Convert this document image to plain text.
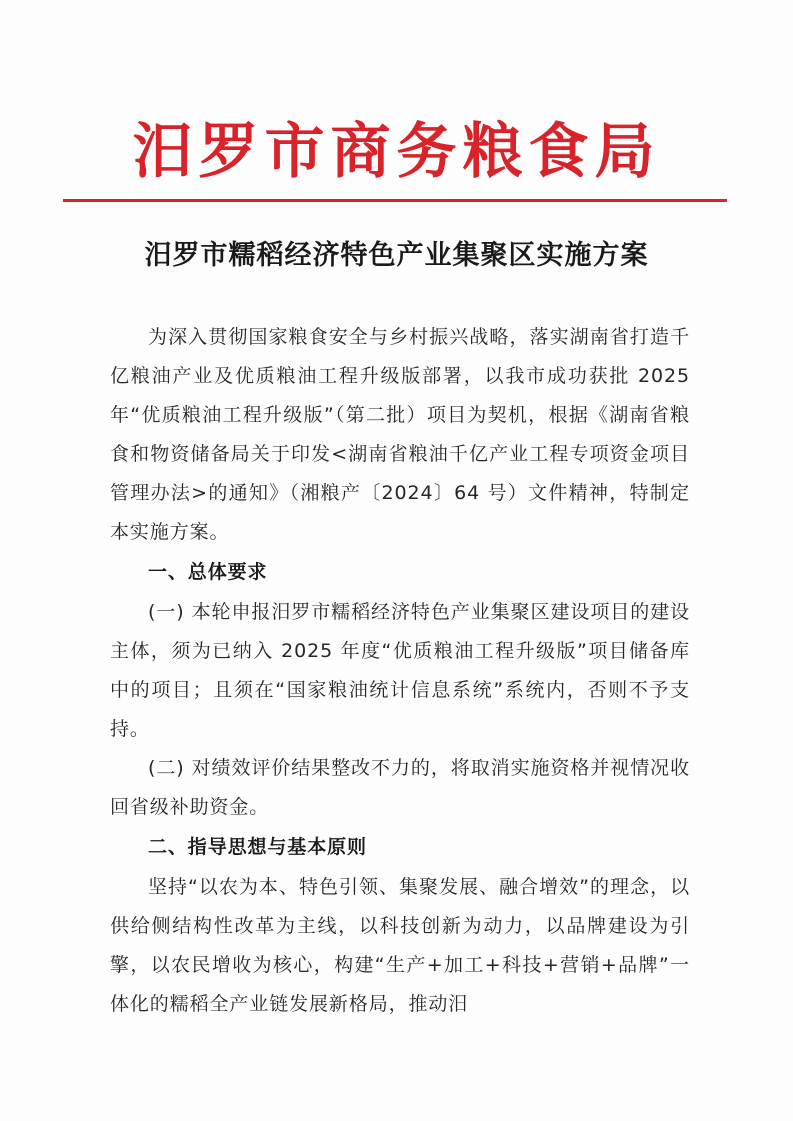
汨罗市商务粮食局
汨罗市糯稻经济特色产业集聚区实施方案

为深入贯彻国家粮食安全与乡村振兴战略，落实湖南省打造千亿粮油产业及优质粮油工程升级版部署，以我市成功获批 2025 年“优质粮油工程升级版”（第二批）项目为契机，根据《湖南省粮食和物资储备局关于印发<湖南省粮油千亿产业工程专项资金项目管理办法>的通知》（湘粮产〔2024〕64 号）文件精神，特制定本实施方案。

一、总体要求

(一) 本轮申报汨罗市糯稻经济特色产业集聚区建设项目的建设主体，须为已纳入 2025 年度“优质粮油工程升级版”项目储备库中的项目；且须在“国家粮油统计信息系统”系统内，否则不予支持。

(二) 对绩效评价结果整改不力的，将取消实施资格并视情况收回省级补助资金。

二、指导思想与基本原则

坚持“以农为本、特色引领、集聚发展、融合增效”的理念，以供给侧结构性改革为主线，以科技创新为动力，以品牌建设为引擎，以农民增收为核心，构建“生产+加工+科技+营销+品牌”一体化的糯稻全产业链发展新格局，推动汨
